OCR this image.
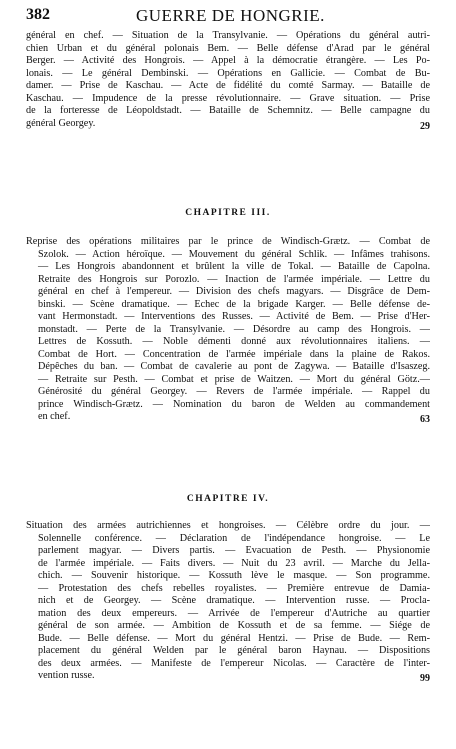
382	GUERRE DE HONGRIE.
général en chef. — Situation de la Transylvanie. — Opérations du général autri-
chien Urban et du général polonais Bem. — Belle défense d'Arad par le général
Berger. — Activité des Hongrois. — Appel à la démocratie étrangère. — Les Po-
lonais. — Le général Dembinski. — Opérations en Gallicie. — Combat de Bu-
damer. — Prise de Kaschau. — Acte de fidélité du comté Sarmay. — Bataille de
Kaschau. — Impudence de la presse révolutionnaire. — Grave situation. — Prise
de la forteresse de Léopoldstadt. — Bataille de Schemnitz. — Belle campagne du
général Georgey.	29
CHAPITRE III.
Reprise des opérations militaires par le prince de Windisch-Grætz. — Combat de
Szolok. — Action héroïque. — Mouvement du général Schlik. — Infâmes trahisons.
— Les Hongrois abandonnent et brûlent la ville de Tokal. — Bataille de Capolna.
Retraite des Hongrois sur Porozlo. — Inaction de l'armée impériale. — Lettre du
général en chef à l'empereur. — Division des chefs magyars. — Disgrâce de Dem-
binski. — Scène dramatique. — Echec de la brigade Karger. — Belle défense de-
vant Hermonstadt. — Interventions des Russes. — Activité de Bem. — Prise d'Her-
monstadt. — Perte de la Transylvanie. — Désordre au camp des Hongrois. —
Lettres de Kossuth. — Noble démenti donné aux révolutionnaires italiens. —
Combat de Hort. — Concentration de l'armée impériale dans la plaine de Rakos.
Dépêches du ban. — Combat de cavalerie au pont de Zagywa. — Bataille d'Isaszeg.
— Retraite sur Pesth. — Combat et prise de Waitzen. — Mort du général Götz.—
Générosité du général Georgey. — Revers de l'armée impériale. — Rappel du
prince Windisch-Grætz. — Nomination du baron de Welden au commandement
en chef.	63
CHAPITRE IV.
Situation des armées autrichiennes et hongroises. — Célèbre ordre du jour. —
Solennelle conférence. — Déclaration de l'indépendance hongroise. — Le
parlement magyar. — Divers partis. — Evacuation de Pesth. — Physionomie
de l'armée impériale. — Faits divers. — Nuit du 23 avril. — Marche du Jella-
chich. — Souvenir historique. — Kossuth lève le masque. — Son programme.
— Protestation des chefs rebelles royalistes. — Première entrevue de Damia-
nich et de Georgey. — Scène dramatique. — Intervention russe. — Procla-
mation des deux empereurs. — Arrivée de l'empereur d'Autriche au quartier
général de son armée. — Ambition de Kossuth et de sa femme. — Siége de
Bude. — Belle défense. — Mort du général Hentzi. — Prise de Bude. — Rem-
placement du général Welden par le général baron Haynau. — Dispositions
des deux armées. — Manifeste de l'empereur Nicolas. — Caractère de l'inter-
vention russe.	99
